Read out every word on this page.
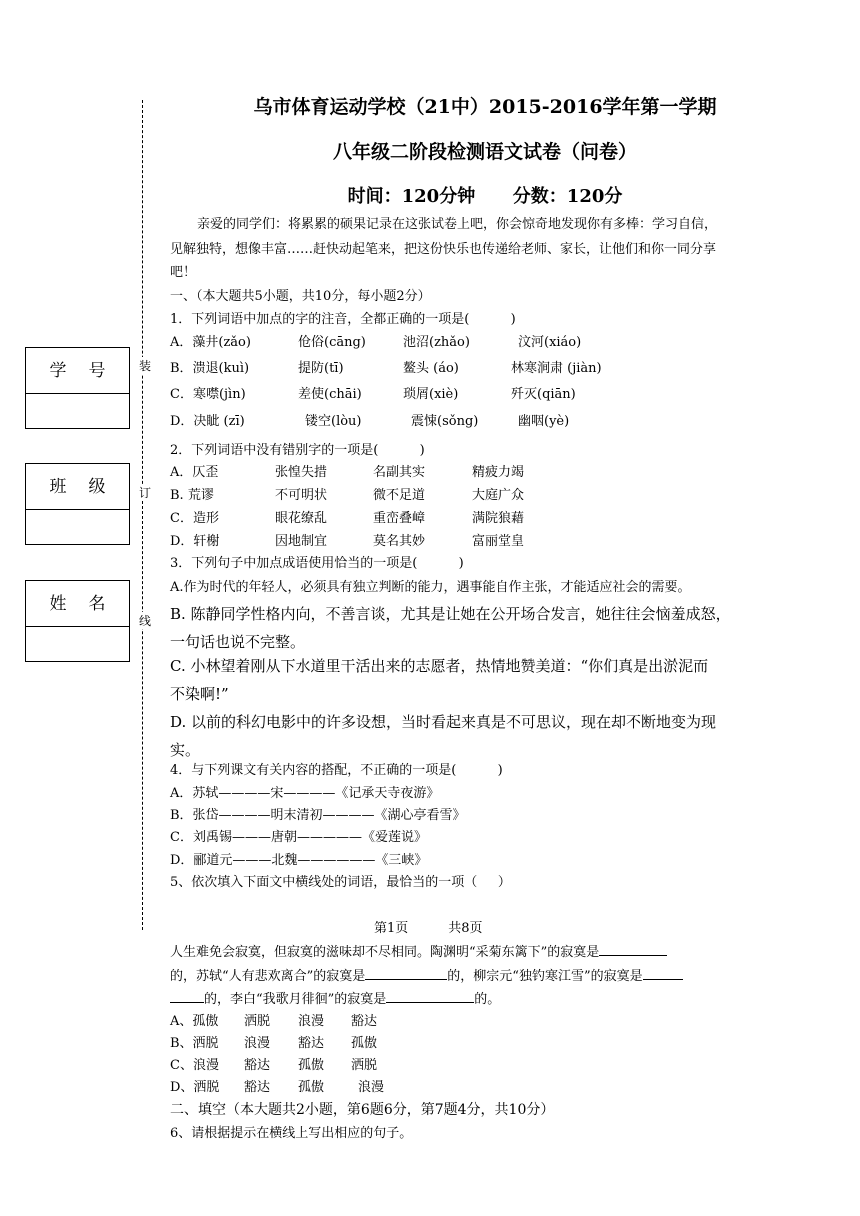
乌市体育运动学校（21中）2015-2016学年第一学期
八年级二阶段检测语文试卷（问卷）
时间：120分钟      分数：120分
装
订
线
学号
班级
姓名
亲爱的同学们：将累累的硕果记录在这张试卷上吧，你会惊奇地发现你有多棒：学习自信，
见解独特，想像丰富……赶快动起笔来，把这份快乐也传递给老师、家长，让他们和你一同分享
吧！
一、（本大题共5小题，共10分，每小题2分）
1．下列词语中加点的字的注音，全都正确的一项是(          )
A．藻井(zǎo)	伧俗(cāng)	池沼(zhǎo)	汶河(xiáo)
B．溃退(kuì)	提防(tī)	鳌头 (áo)	林寒涧肃 (jiàn)
C．寒噤(jìn)	差使(chāi)	琐屑(xiè)	歼灭(qiān)
D．决眦 (zī)	镂空(lòu)	震悚(sǒng)	幽咽(yè)
2．下列词语中没有错别字的一项是(          )
A．仄歪	张惶失措	名副其实	精疲力竭
B. 荒谬	不可明状	微不足道	大庭广众
C．造形	眼花缭乱	重峦叠嶂	满院狼藉
D．轩榭	因地制宜	莫名其妙	富丽堂皇
3．下列句子中加点成语使用恰当的一项是(          )
A.作为时代的年轻人，必须具有独立判断的能力，遇事能自作主张，才能适应社会的需要。
B. 陈静同学性格内向，不善言谈，尤其是让她在公开场合发言，她往往会恼羞成怒，
一句话也说不完整。
C. 小林望着刚从下水道里干活出来的志愿者，热情地赞美道：“你们真是出淤泥而
不染啊!”
D. 以前的科幻电影中的许多设想，当时看起来真是不可思议，现在却不断地变为现
实。
4．与下列课文有关内容的搭配，不正确的一项是(          )
A．苏轼————宋————《记承天寺夜游》
B．张岱————明末清初————《湖心亭看雪》
C．刘禹锡———唐朝—————《爱莲说》
D．郦道元———北魏——————《三峡》
5、依次填入下面文中横线处的词语，最恰当的一项（     ）
第1页	共8页
人生难免会寂寞，但寂寞的滋味却不尽相同。陶渊明“采菊东篱下”的寂寞是
的，苏轼“人有悲欢离合”的寂寞是	的，柳宗元“独钓寒江雪”的寂寞是
的，李白“我歌月徘徊”的寂寞是	的。
A、孤傲 洒脱 浪漫 豁达
B、洒脱 浪漫 豁达 孤傲
C、浪漫 豁达 孤傲 洒脱
D、洒脱 豁达 孤傲	浪漫
二、填空（本大题共2小题，第6题6分，第7题4分，共10分）
6、请根据提示在横线上写出相应的句子。
